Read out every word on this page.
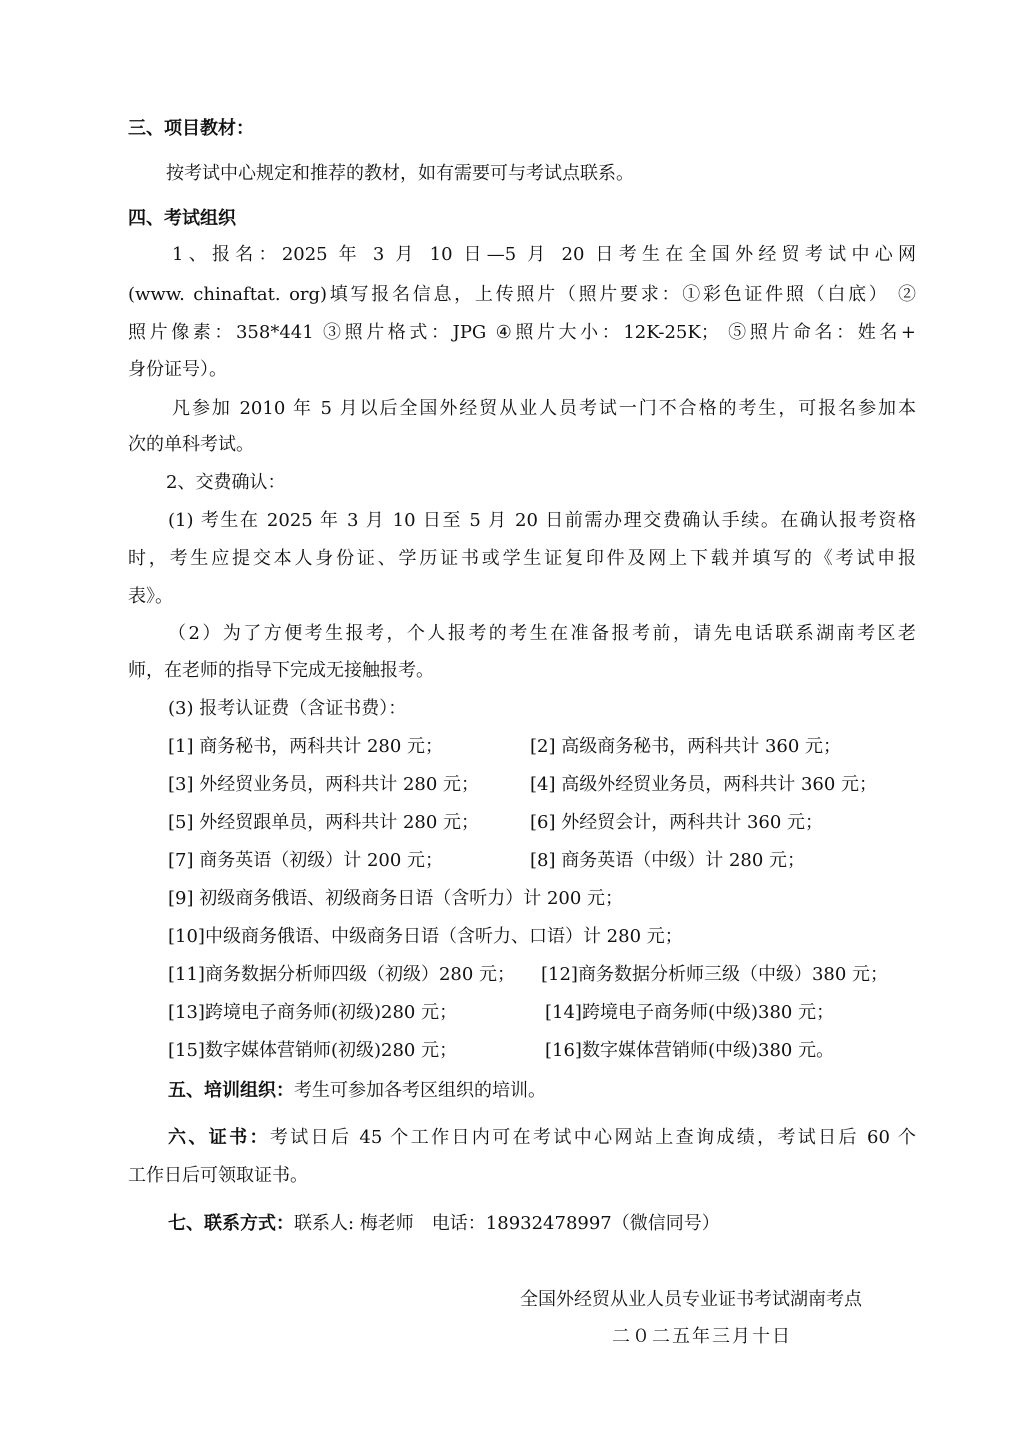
三、项目教材：
按考试中心规定和推荐的教材，如有需要可与考试点联系。
四、考试组织
1、报名：2025 年 3 月 10 日—5 月 20 日考生在全国外经贸考试中心网
(www. chinaftat. org)填写报名信息，上传照片（照片要求：①彩色证件照（白底） ②
照片像素：358*441 ③照片格式：JPG ④照片大小：12K-25K； ⑤照片命名：姓名+
身份证号）。
凡参加 2010 年 5 月以后全国外经贸从业人员考试一门不合格的考生，可报名参加本
次的单科考试。
2、交费确认：
(1) 考生在 2025 年 3 月 10 日至 5 月 20 日前需办理交费确认手续。在确认报考资格
时，考生应提交本人身份证、学历证书或学生证复印件及网上下载并填写的《考试申报
表》。
（2）为了方便考生报考，个人报考的考生在准备报考前，请先电话联系湖南考区老
师，在老师的指导下完成无接触报考。
(3) 报考认证费（含证书费）：
[1] 商务秘书，两科共计 280 元；	[2] 高级商务秘书，两科共计 360 元；
[3] 外经贸业务员，两科共计 280 元；	[4] 高级外经贸业务员，两科共计 360 元；
[5] 外经贸跟单员，两科共计 280 元；	[6] 外经贸会计，两科共计 360 元；
[7] 商务英语（初级）计 200 元；	[8] 商务英语（中级）计 280 元；
[9] 初级商务俄语、初级商务日语（含听力）计 200 元；
[10]中级商务俄语、中级商务日语（含听力、口语）计 280 元；
[11]商务数据分析师四级（初级）280 元； [12]商务数据分析师三级（中级）380 元；
[13]跨境电子商务师(初级)280 元；	[14]跨境电子商务师(中级)380 元；
[15]数字媒体营销师(初级)280 元；	[16]数字媒体营销师(中级)380 元。
五、培训组织：考生可参加各考区组织的培训。
六、证书：考试日后 45 个工作日内可在考试中心网站上查询成绩，考试日后 60 个
工作日后可领取证书。
七、联系方式：联系人: 梅老师　电话：18932478997（微信同号）
全国外经贸从业人员专业证书考试湖南考点
二０二五年三月十日
